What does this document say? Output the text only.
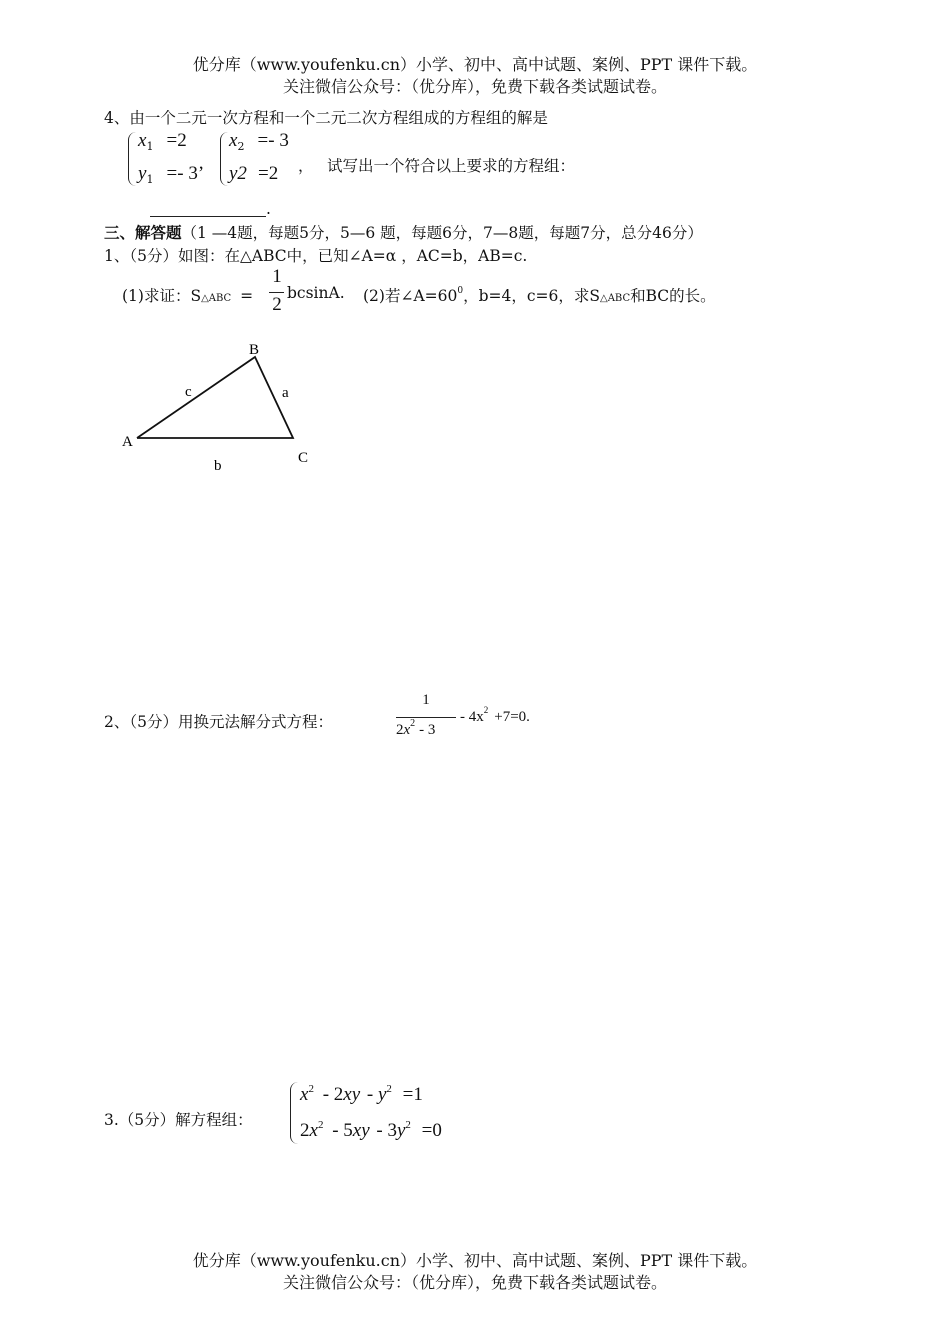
优分库（www.youfenku.cn）小学、初中、高中试题、案例、PPT 课件下载。
关注微信公众号：（优分库），免费下载各类试题试卷。
4、由一个二元一次方程和一个二元二次方程组成的方程组的解是
$x_1 =2$
$y_1 =- 3$’
$x_2 =- 3$
y2 =2 ， 试写出一个符合以上要求的方程组：
.
三、解答题（1 —4题，每题5分，5—6 题，每题6分，7—8题，每题7分，总分46分）
1、（5分）如图：在△ABC中，已知∠A=α ，AC=b，AB=c.
(1)求证：S△ABC =
1
2
bcsinA. (2)若$\angle A=60^0$，b=4，c=6，求S△ABC和BC的长。
A
B
C
a
b
c
2、（5分）用换元法解分式方程：
1
$2x^2 - 3$
- $4x^2 +7=0$.
3.（5分）解方程组：
$x^2 - 2xy - y^2 =1$
$2x^2 - 5xy - 3y^2 =0$
优分库（www.youfenku.cn）小学、初中、高中试题、案例、PPT 课件下载。
关注微信公众号：（优分库），免费下载各类试题试卷。
